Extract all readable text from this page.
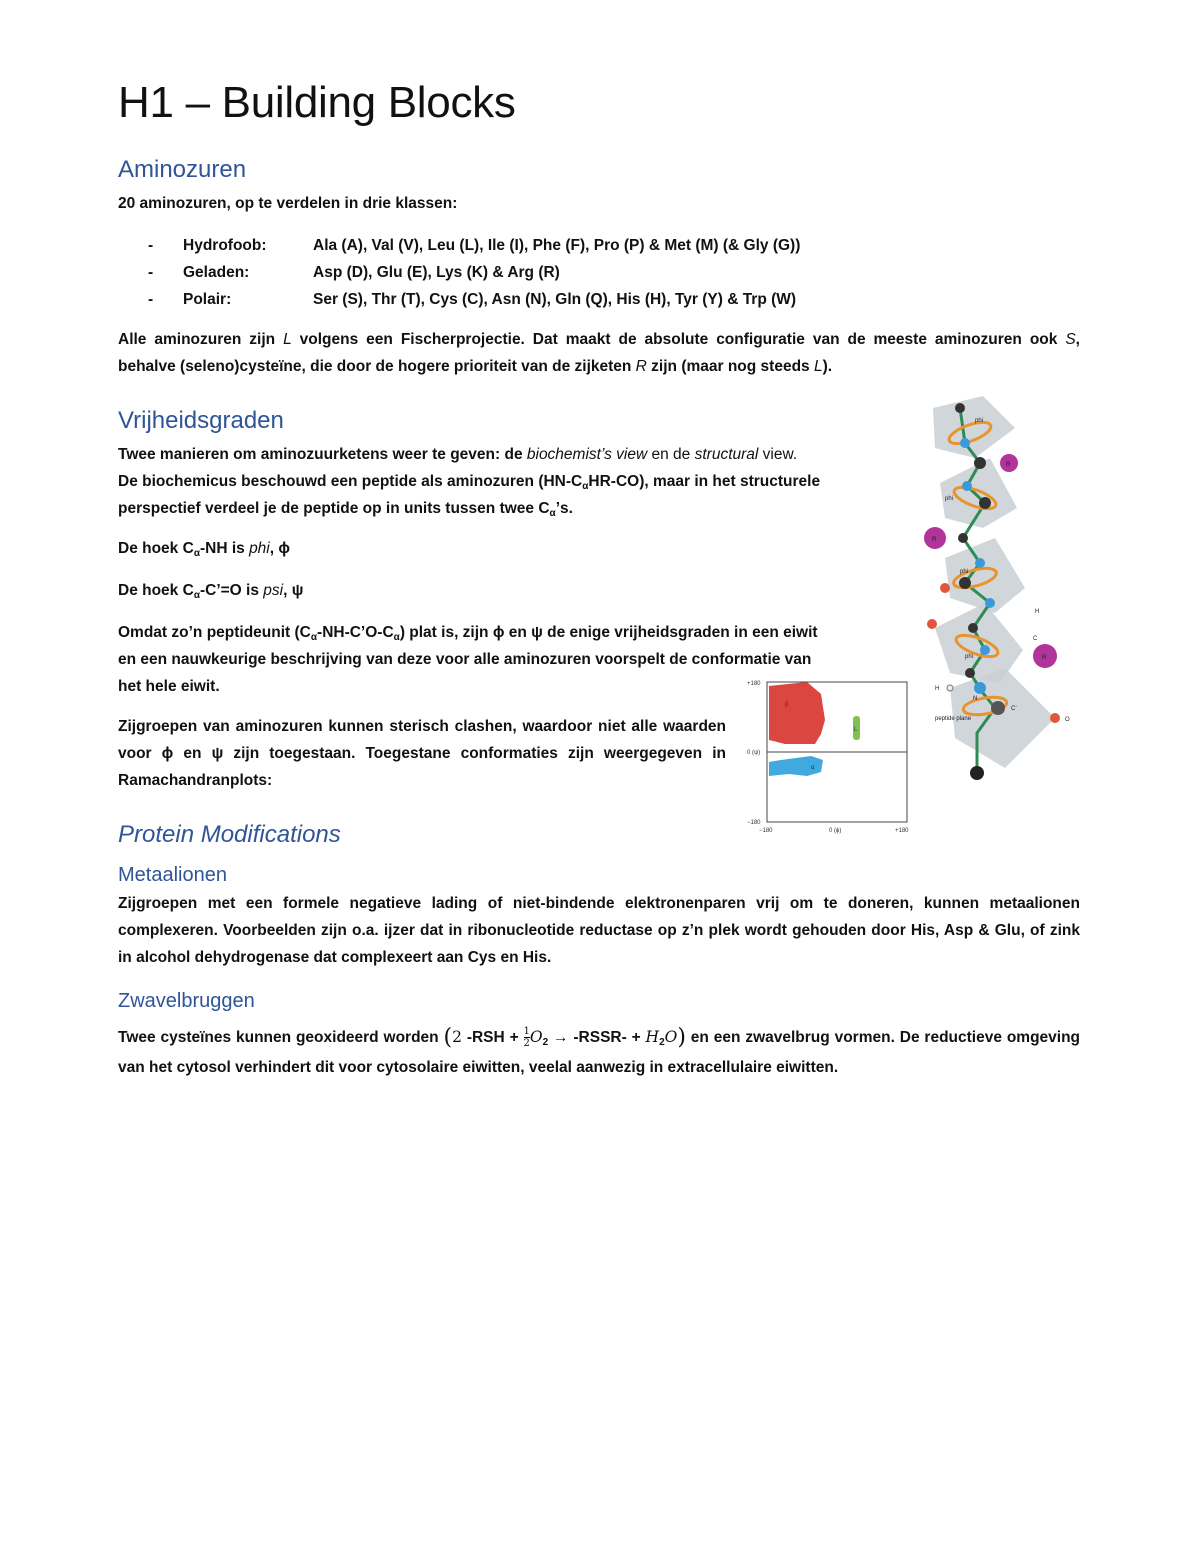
H1 – Building Blocks
Aminozuren
20 aminozuren, op te verdelen in drie klassen:
- Hydrofoob:	Ala (A), Val (V), Leu (L), Ile (I), Phe (F), Pro (P) & Met (M) (& Gly (G))
- Geladen:	Asp (D), Glu (E), Lys (K) & Arg (R)
- Polair:	Ser (S), Thr (T), Cys (C), Asn (N), Gln (Q), His (H), Tyr (Y) & Trp (W)
Alle aminozuren zijn L volgens een Fischerprojectie. Dat maakt de absolute configuratie van de meeste aminozuren ook S, behalve (seleno)cysteïne, die door de hogere prioriteit van de zijketen R zijn (maar nog steeds L).
Vrijheidsgraden
Twee manieren om aminozuurketens weer te geven: de biochemist’s view en de structural view.
De biochemicus beschouwd een peptide als aminozuren $(HN-C_\alpha HR-CO)$, maar in het structurele
perspectief verdeel je de peptide op in units tussen twee $C_\alpha’s$.
De hoek $C_\alpha-NH$ is phi, ϕ
De hoek $C_\alpha-C’=O$ is psi, ψ
Omdat zo’n peptideunit $(C_\alpha-NH-C’O-C_\alpha)$ plat is, zijn ϕ en ψ de enige vrijheidsgraden in een eiwit
en een nauwkeurige beschrijving van deze voor alle aminozuren voorspelt de conformatie van
het hele eiwit.
Zijgroepen van aminozuren kunnen sterisch clashen, waardoor niet alle waarden voor ϕ en ψ zijn toegestaan. Toegestane conformaties zijn weergegeven in Ramachandranplots:
Protein Modifications
Metaalionen
Zijgroepen met een formele negatieve lading of niet-bindende elektronenparen vrij om te doneren, kunnen metaalionen complexeren. Voorbeelden zijn o.a. ijzer dat in ribonucleotide reductase op z’n plek wordt gehouden door His, Asp & Glu, of zink in alcohol dehydrogenase dat complexeert aan Cys en His.
Zwavelbruggen
Twee cysteïnes kunnen geoxideerd worden (2 $-RSH + \frac{1}{2} O_2$ → -RSSR- + $H_2O$) en een zwavelbrug vormen. De reductieve omgeving van het cytosol verhindert dit voor cytosolaire eiwitten, veelal aanwezig in extracellulaire eiwitten.
phi
phi
phi
phi
H
H
N
C’
C
O
peptide plane
R
R
R
β
α
L
+180
0 (ψ)
−180
−180	0 (ϕ)	+180
